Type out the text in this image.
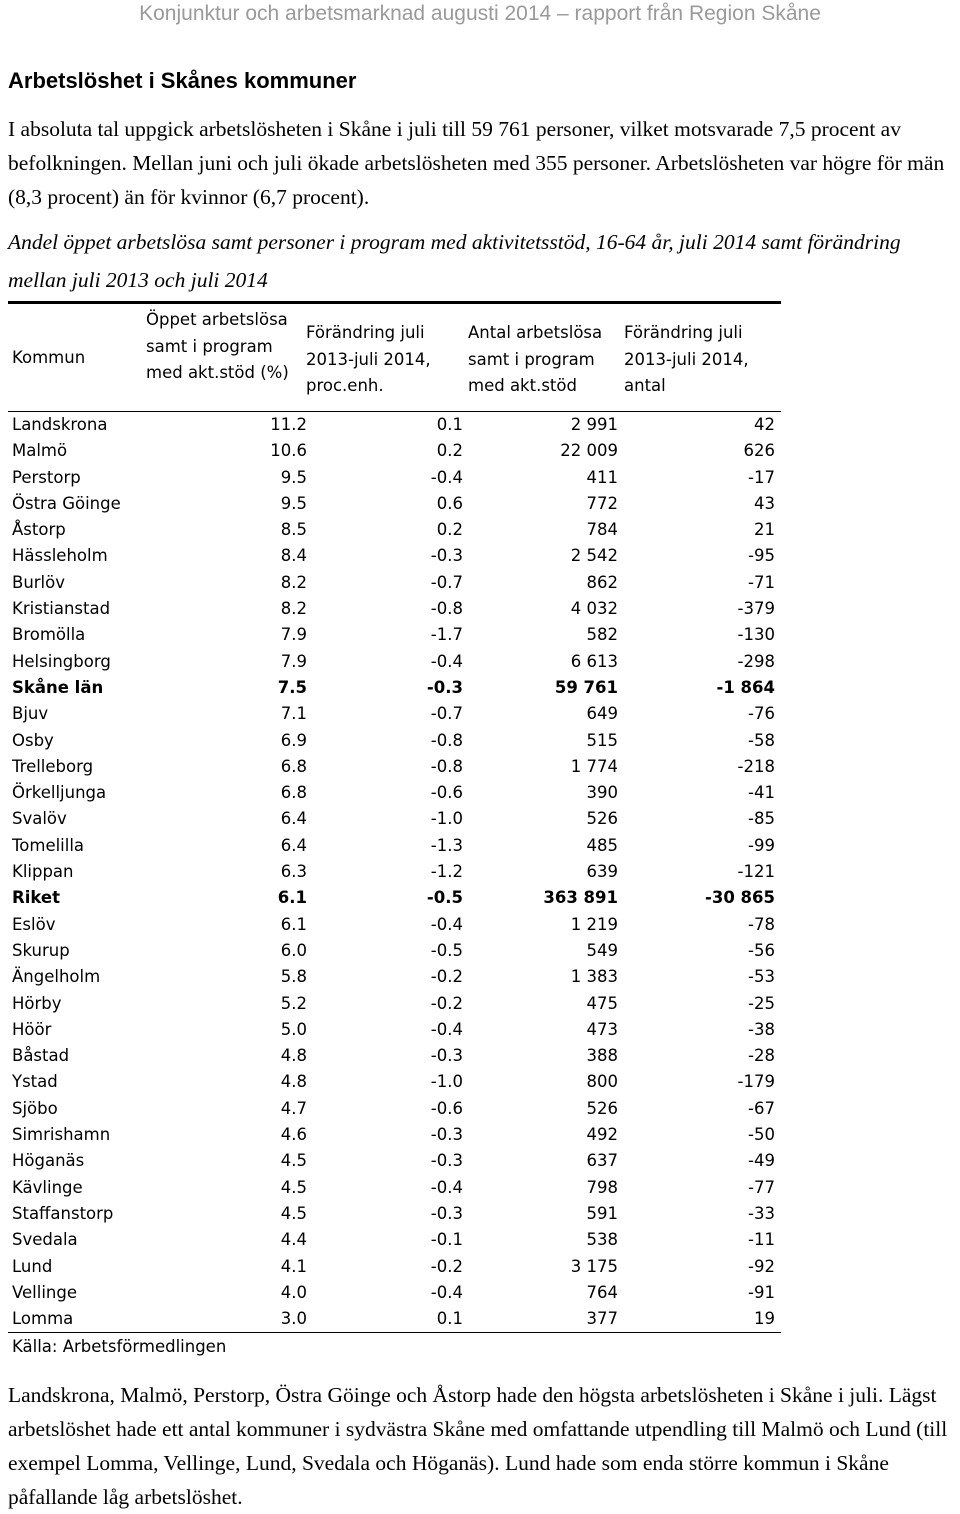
Konjunktur och arbetsmarknad augusti 2014 – rapport från Region Skåne
Arbetslöshet i Skånes kommuner
I absoluta tal uppgick arbetslösheten i Skåne i juli till 59 761 personer, vilket motsvarade 7,5 procent av befolkningen. Mellan juni och juli ökade arbetslösheten med 355 personer. Arbetslösheten var högre för män (8,3 procent) än för kvinnor (6,7 procent).
Andel öppet arbetslösa samt personer i program med aktivitetsstöd, 16-64 år, juli 2014 samt förändring mellan juli 2013 och juli 2014
Kommun
Öppet arbetslösa samt i program med akt.stöd (%)
Förändring juli 2013-juli 2014, proc.enh.
Antal arbetslösa samt i program med akt.stöd
Förändring juli 2013-juli 2014, antal
Landskrona	11.2	0.1	2 991	42
Malmö	10.6	0.2	22 009	626
Perstorp	9.5	-0.4	411	-17
Östra Göinge	9.5	0.6	772	43
Åstorp	8.5	0.2	784	21
Hässleholm	8.4	-0.3	2 542	-95
Burlöv	8.2	-0.7	862	-71
Kristianstad	8.2	-0.8	4 032	-379
Bromölla	7.9	-1.7	582	-130
Helsingborg	7.9	-0.4	6 613	-298
Skåne län	7.5	-0.3	59 761	-1 864
Bjuv	7.1	-0.7	649	-76
Osby	6.9	-0.8	515	-58
Trelleborg	6.8	-0.8	1 774	-218
Örkelljunga	6.8	-0.6	390	-41
Svalöv	6.4	-1.0	526	-85
Tomelilla	6.4	-1.3	485	-99
Klippan	6.3	-1.2	639	-121
Riket	6.1	-0.5	363 891	-30 865
Eslöv	6.1	-0.4	1 219	-78
Skurup	6.0	-0.5	549	-56
Ängelholm	5.8	-0.2	1 383	-53
Hörby	5.2	-0.2	475	-25
Höör	5.0	-0.4	473	-38
Båstad	4.8	-0.3	388	-28
Ystad	4.8	-1.0	800	-179
Sjöbo	4.7	-0.6	526	-67
Simrishamn	4.6	-0.3	492	-50
Höganäs	4.5	-0.3	637	-49
Kävlinge	4.5	-0.4	798	-77
Staffanstorp	4.5	-0.3	591	-33
Svedala	4.4	-0.1	538	-11
Lund	4.1	-0.2	3 175	-92
Vellinge	4.0	-0.4	764	-91
Lomma	3.0	0.1	377	19
Källa: Arbetsförmedlingen
Landskrona, Malmö, Perstorp, Östra Göinge och Åstorp hade den högsta arbetslösheten i Skåne i juli. Lägst arbetslöshet hade ett antal kommuner i sydvästra Skåne med omfattande utpendling till Malmö och Lund (till exempel Lomma, Vellinge, Lund, Svedala och Höganäs). Lund hade som enda större kommun i Skåne påfallande låg arbetslöshet.
